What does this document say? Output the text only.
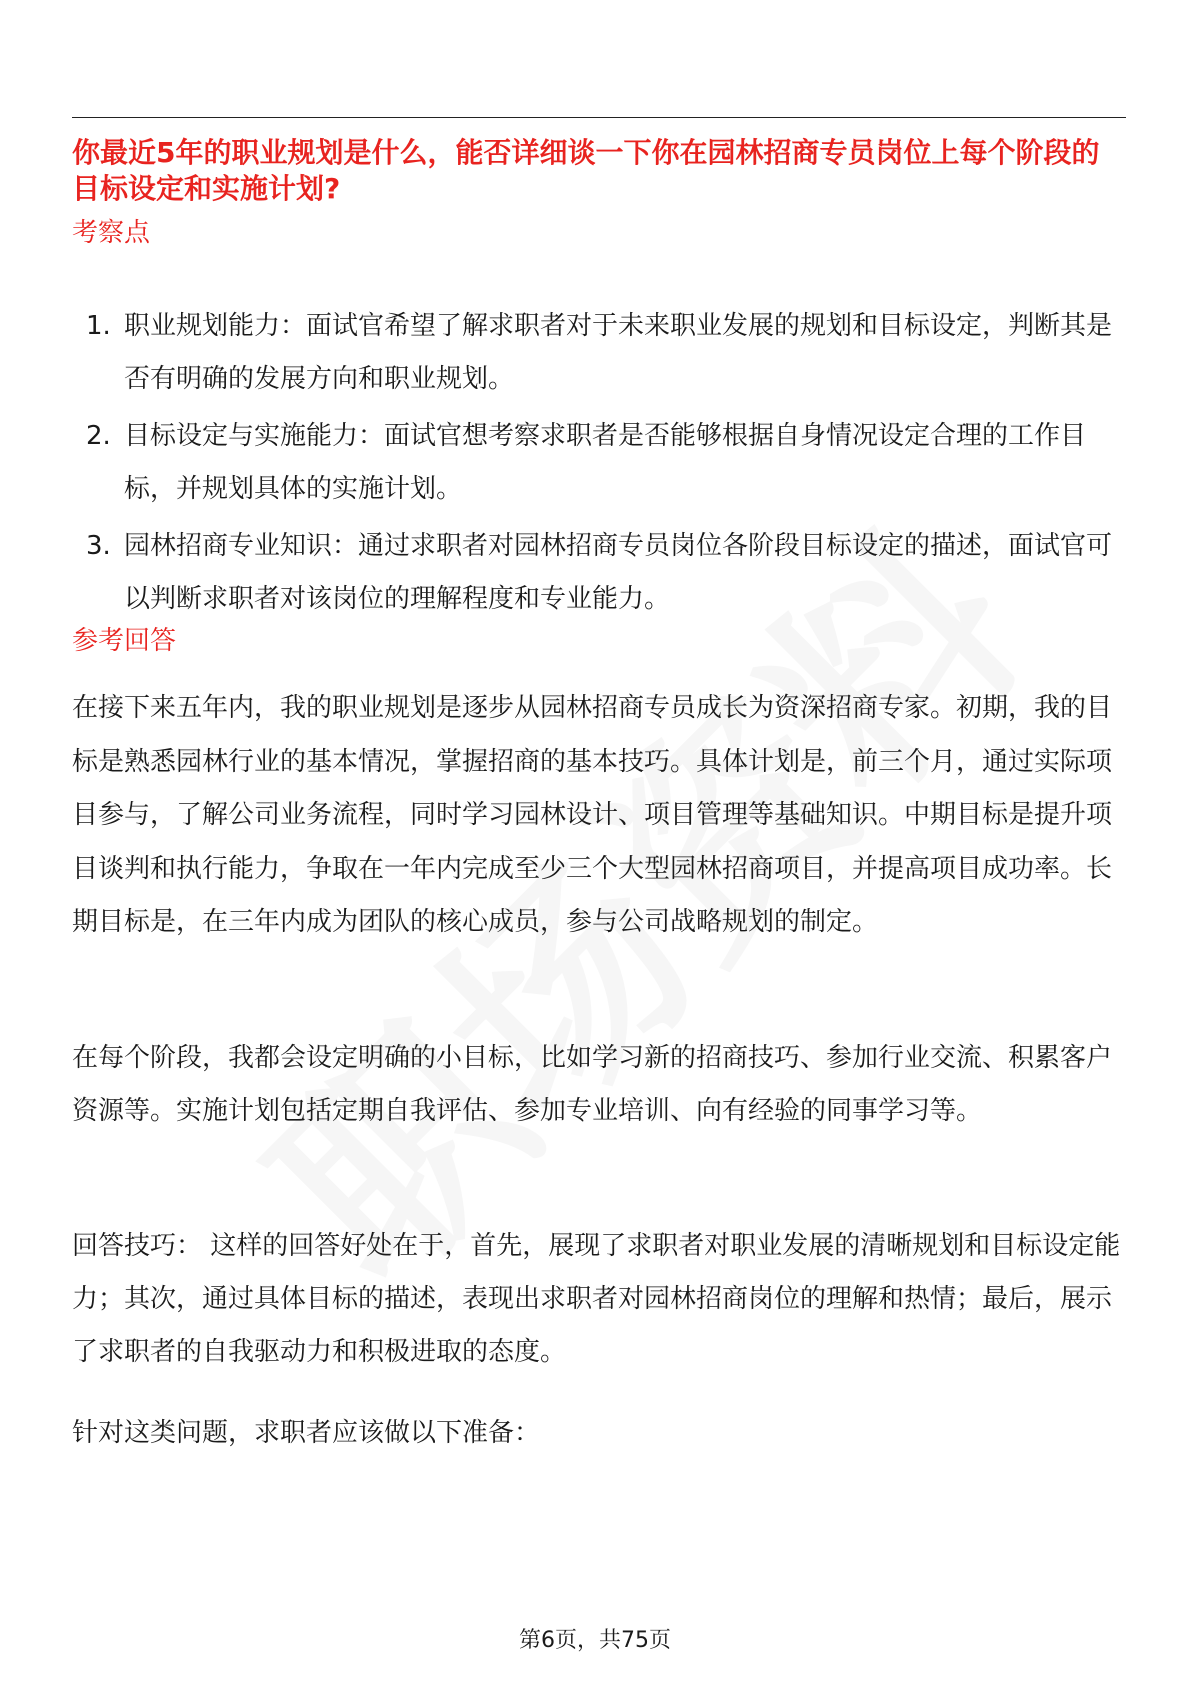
你最近5年的职业规划是什么，能否详细谈一下你在园林招商专员岗位上每个阶段的目标设定和实施计划?
考察点
1. 职业规划能力：面试官希望了解求职者对于未来职业发展的规划和目标设定，判断其是否有明确的发展方向和职业规划。
2. 目标设定与实施能力：面试官想考察求职者是否能够根据自身情况设定合理的工作目标，并规划具体的实施计划。
3. 园林招商专业知识：通过求职者对园林招商专员岗位各阶段目标设定的描述，面试官可以判断求职者对该岗位的理解程度和专业能力。
参考回答

在接下来五年内，我的职业规划是逐步从园林招商专员成长为资深招商专家。初期，我的目标是熟悉园林行业的基本情况，掌握招商的基本技巧。具体计划是，前三个月，通过实际项目参与，了解公司业务流程，同时学习园林设计、项目管理等基础知识。中期目标是提升项目谈判和执行能力，争取在一年内完成至少三个大型园林招商项目，并提高项目成功率。长期目标是，在三年内成为团队的核心成员，参与公司战略规划的制定。

在每个阶段，我都会设定明确的小目标，比如学习新的招商技巧、参加行业交流、积累客户资源等。实施计划包括定期自我评估、参加专业培训、向有经验的同事学习等。

回答技巧： 这样的回答好处在于，首先，展现了求职者对职业发展的清晰规划和目标设定能力；其次，通过具体目标的描述，表现出求职者对园林招商岗位的理解和热情；最后，展示了求职者的自我驱动力和积极进取的态度。

针对这类问题，求职者应该做以下准备：

第6页，共75页
